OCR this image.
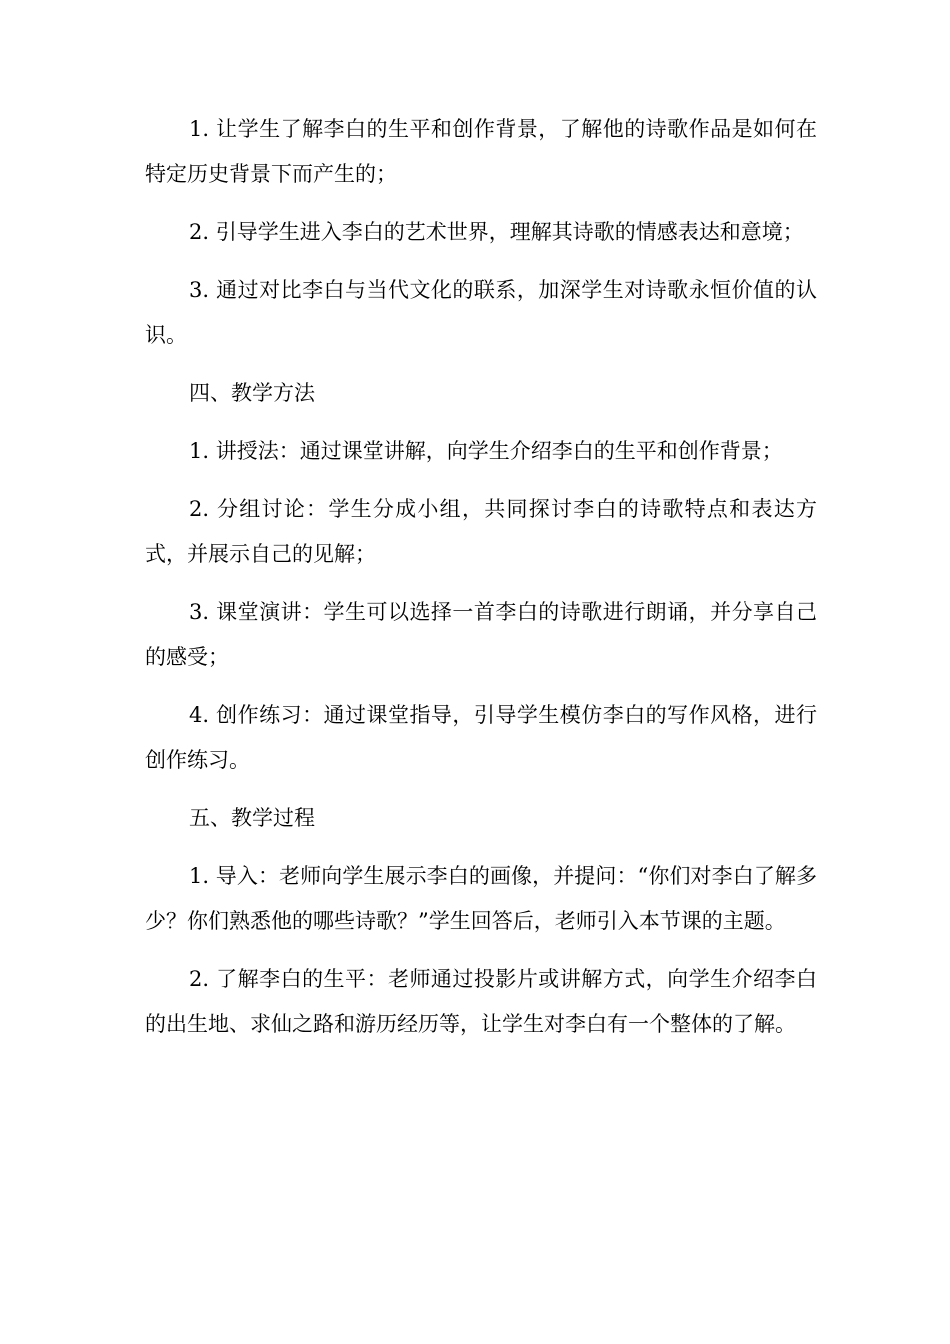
1. 让学生了解李白的生平和创作背景，了解他的诗歌作品是如何在特定历史背景下而产生的；

2. 引导学生进入李白的艺术世界，理解其诗歌的情感表达和意境；

3. 通过对比李白与当代文化的联系，加深学生对诗歌永恒价值的认识。

四、教学方法

1. 讲授法：通过课堂讲解，向学生介绍李白的生平和创作背景；

2. 分组讨论：学生分成小组，共同探讨李白的诗歌特点和表达方式，并展示自己的见解；

3. 课堂演讲：学生可以选择一首李白的诗歌进行朗诵，并分享自己的感受；

4. 创作练习：通过课堂指导，引导学生模仿李白的写作风格，进行创作练习。

五、教学过程

1. 导入：老师向学生展示李白的画像，并提问：“你们对李白了解多少？你们熟悉他的哪些诗歌？”学生回答后，老师引入本节课的主题。

2. 了解李白的生平：老师通过投影片或讲解方式，向学生介绍李白的出生地、求仙之路和游历经历等，让学生对李白有一个整体的了解。
